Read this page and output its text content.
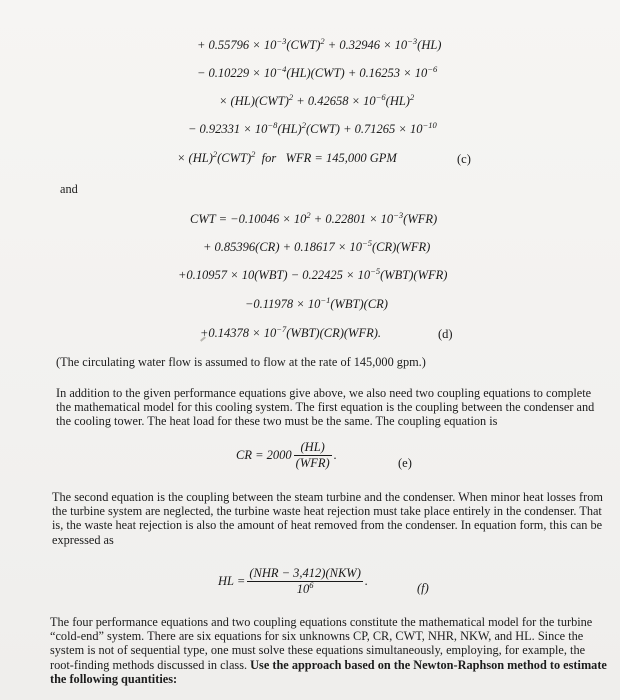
+ $0.55796 \times 10^{-3}(CWT)^2 + 0.32946 \times 10^{-3}(HL)$
− $0.10229 \times 10^{-4}(HL)(CWT) + 0.16253 \times 10^{-6}$
× $(HL)(CWT)^2 + 0.42658 \times 10^{-6}(HL)^2$
− $0.92331 \times 10^{-8}(HL)^2(CWT) + 0.71265 \times 10^{-10}$
× (HL)$^2$(CWT)$^2$  for   WFR = 145,000 GPM	(c)
and
CWT = $-0.10046 \times 10^2 + 0.22801 \times 10^{-3}(WFR)$
+ $0.85396(CR) + 0.18617 \times 10^{-5}(CR)(WFR)$
$+0.10957 \times 10(WBT) - 0.22425 \times 10^{-5}(WBT)(WFR)$
$-0.11978 \times 10^{-1}(WBT)(CR)$
$+0.14378 \times 10^{-7}(WBT)(CR)(WFR)$.	(d)
(The circulating water flow is assumed to flow at the rate of 145,000 gpm.)
In addition to the given performance equations give above, we also need two coupling equations to complete the mathematical model for this cooling system. The first equation is the coupling between the condenser and the cooling tower. The heat load for these two must be the same. The coupling equation is
CR = $2000 \frac{(HL)}{\text{(WFR)}}$ .
(e)
The second equation is the coupling between the steam turbine and the condenser. When minor heat losses from the turbine system are neglected, the turbine waste heat rejection must take place entirely in the condenser. That is, the waste heat rejection is also the amount of heat removed from the condenser. In equation form, this can be expressed as
HL = $\frac{\text{(NHR − 3,412)(NKW)}}{10^6}$ .	(f)
The four performance equations and two coupling equations constitute the mathematical model for the turbine “cold-end” system. There are six equations for six unknowns CP, CR, CWT, NHR, NKW, and HL. Since the system is not of sequential type, one must solve these equations simultaneously, employing, for example, the root-finding methods discussed in class. Use the approach based on the Newton-Raphson method to estimate the following quantities:
